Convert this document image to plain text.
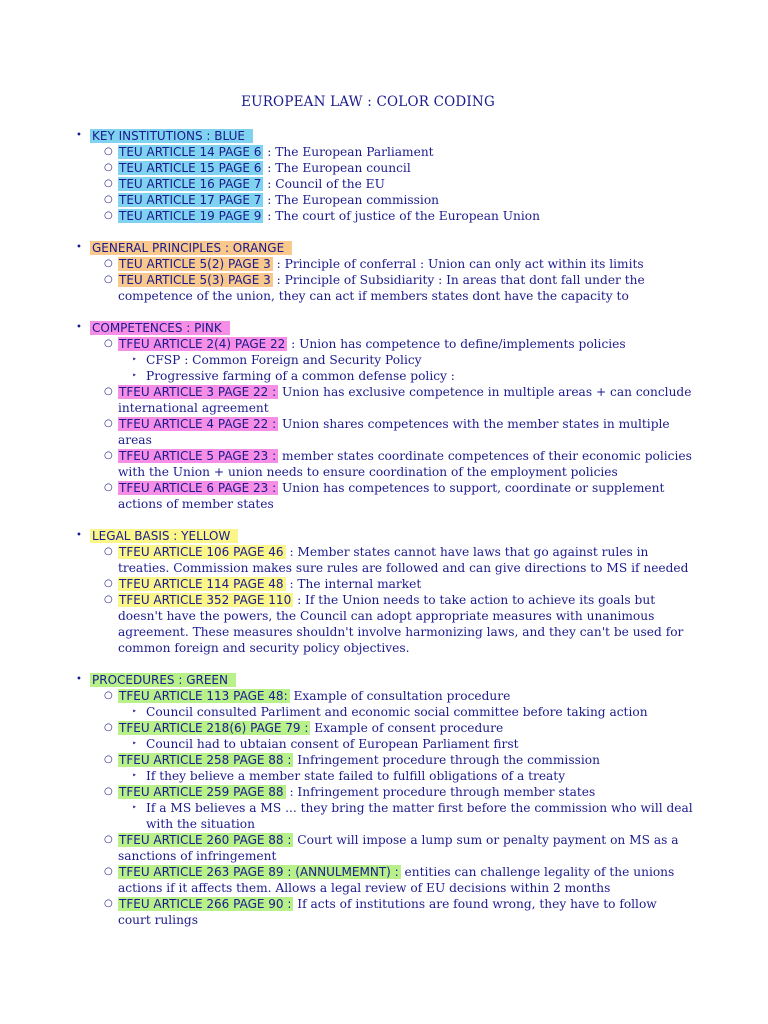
EUROPEAN LAW : COLOR CODING
• KEY INSTITUTIONS : BLUE
○ TEU ARTICLE 14 PAGE 6 : The European Parliament
○ TEU ARTICLE 15 PAGE 6 : The European council
○ TEU ARTICLE 16 PAGE 7 : Council of the EU
○ TEU ARTICLE 17 PAGE 7 : The European commission
○ TEU ARTICLE 19 PAGE 9 : The court of justice of the European Union
• GENERAL PRINCIPLES : ORANGE
○ TEU ARTICLE 5(2) PAGE 3 : Principle of conferral : Union can only act within its limits
○ TEU ARTICLE 5(3) PAGE 3 : Principle of Subsidiarity : In areas that dont fall under the
competence of the union, they can act if members states dont have the capacity to
• COMPETENCES : PINK
○ TFEU ARTICLE 2(4) PAGE 22 : Union has competence to define/implements policies
‣ CFSP : Common Foreign and Security Policy
‣ Progressive farming of a common defense policy :
○ TFEU ARTICLE 3 PAGE 22 : Union has exclusive competence in multiple areas + can conclude
international agreement
○ TFEU ARTICLE 4 PAGE 22 : Union shares competences with the member states in multiple
areas
○ TFEU ARTICLE 5 PAGE 23 : member states coordinate competences of their economic policies
with the Union + union needs to ensure coordination of the employment policies
○ TFEU ARTICLE 6 PAGE 23 : Union has competences to support, coordinate or supplement
actions of member states
• LEGAL BASIS : YELLOW
○ TFEU ARTICLE 106 PAGE 46 : Member states cannot have laws that go against rules in
treaties. Commission makes sure rules are followed and can give directions to MS if needed
○ TFEU ARTICLE 114 PAGE 48 : The internal market
○ TFEU ARTICLE 352 PAGE 110 : If the Union needs to take action to achieve its goals but
doesn't have the powers, the Council can adopt appropriate measures with unanimous
agreement. These measures shouldn't involve harmonizing laws, and they can't be used for
common foreign and security policy objectives.
• PROCEDURES : GREEN
○ TFEU ARTICLE 113 PAGE 48: Example of consultation procedure
‣ Council consulted Parliment and economic social committee before taking action
○ TFEU ARTICLE 218(6) PAGE 79 : Example of consent procedure
‣ Council had to ubtaian consent of European Parliament first
○ TFEU ARTICLE 258 PAGE 88 : Infringement procedure through the commission
‣ If they believe a member state failed to fulfill obligations of a treaty
○ TFEU ARTICLE 259 PAGE 88 : Infringement procedure through member states
‣ If a MS believes a MS ... they bring the matter first before the commission who will deal
with the situation
○ TFEU ARTICLE 260 PAGE 88 : Court will impose a lump sum or penalty payment on MS as a
sanctions of infringement
○ TFEU ARTICLE 263 PAGE 89 : (ANNULMEMNT) : entities can challenge legality of the unions
actions if it affects them. Allows a legal review of EU decisions within 2 months
○ TFEU ARTICLE 266 PAGE 90 : If acts of institutions are found wrong, they have to follow
court rulings
